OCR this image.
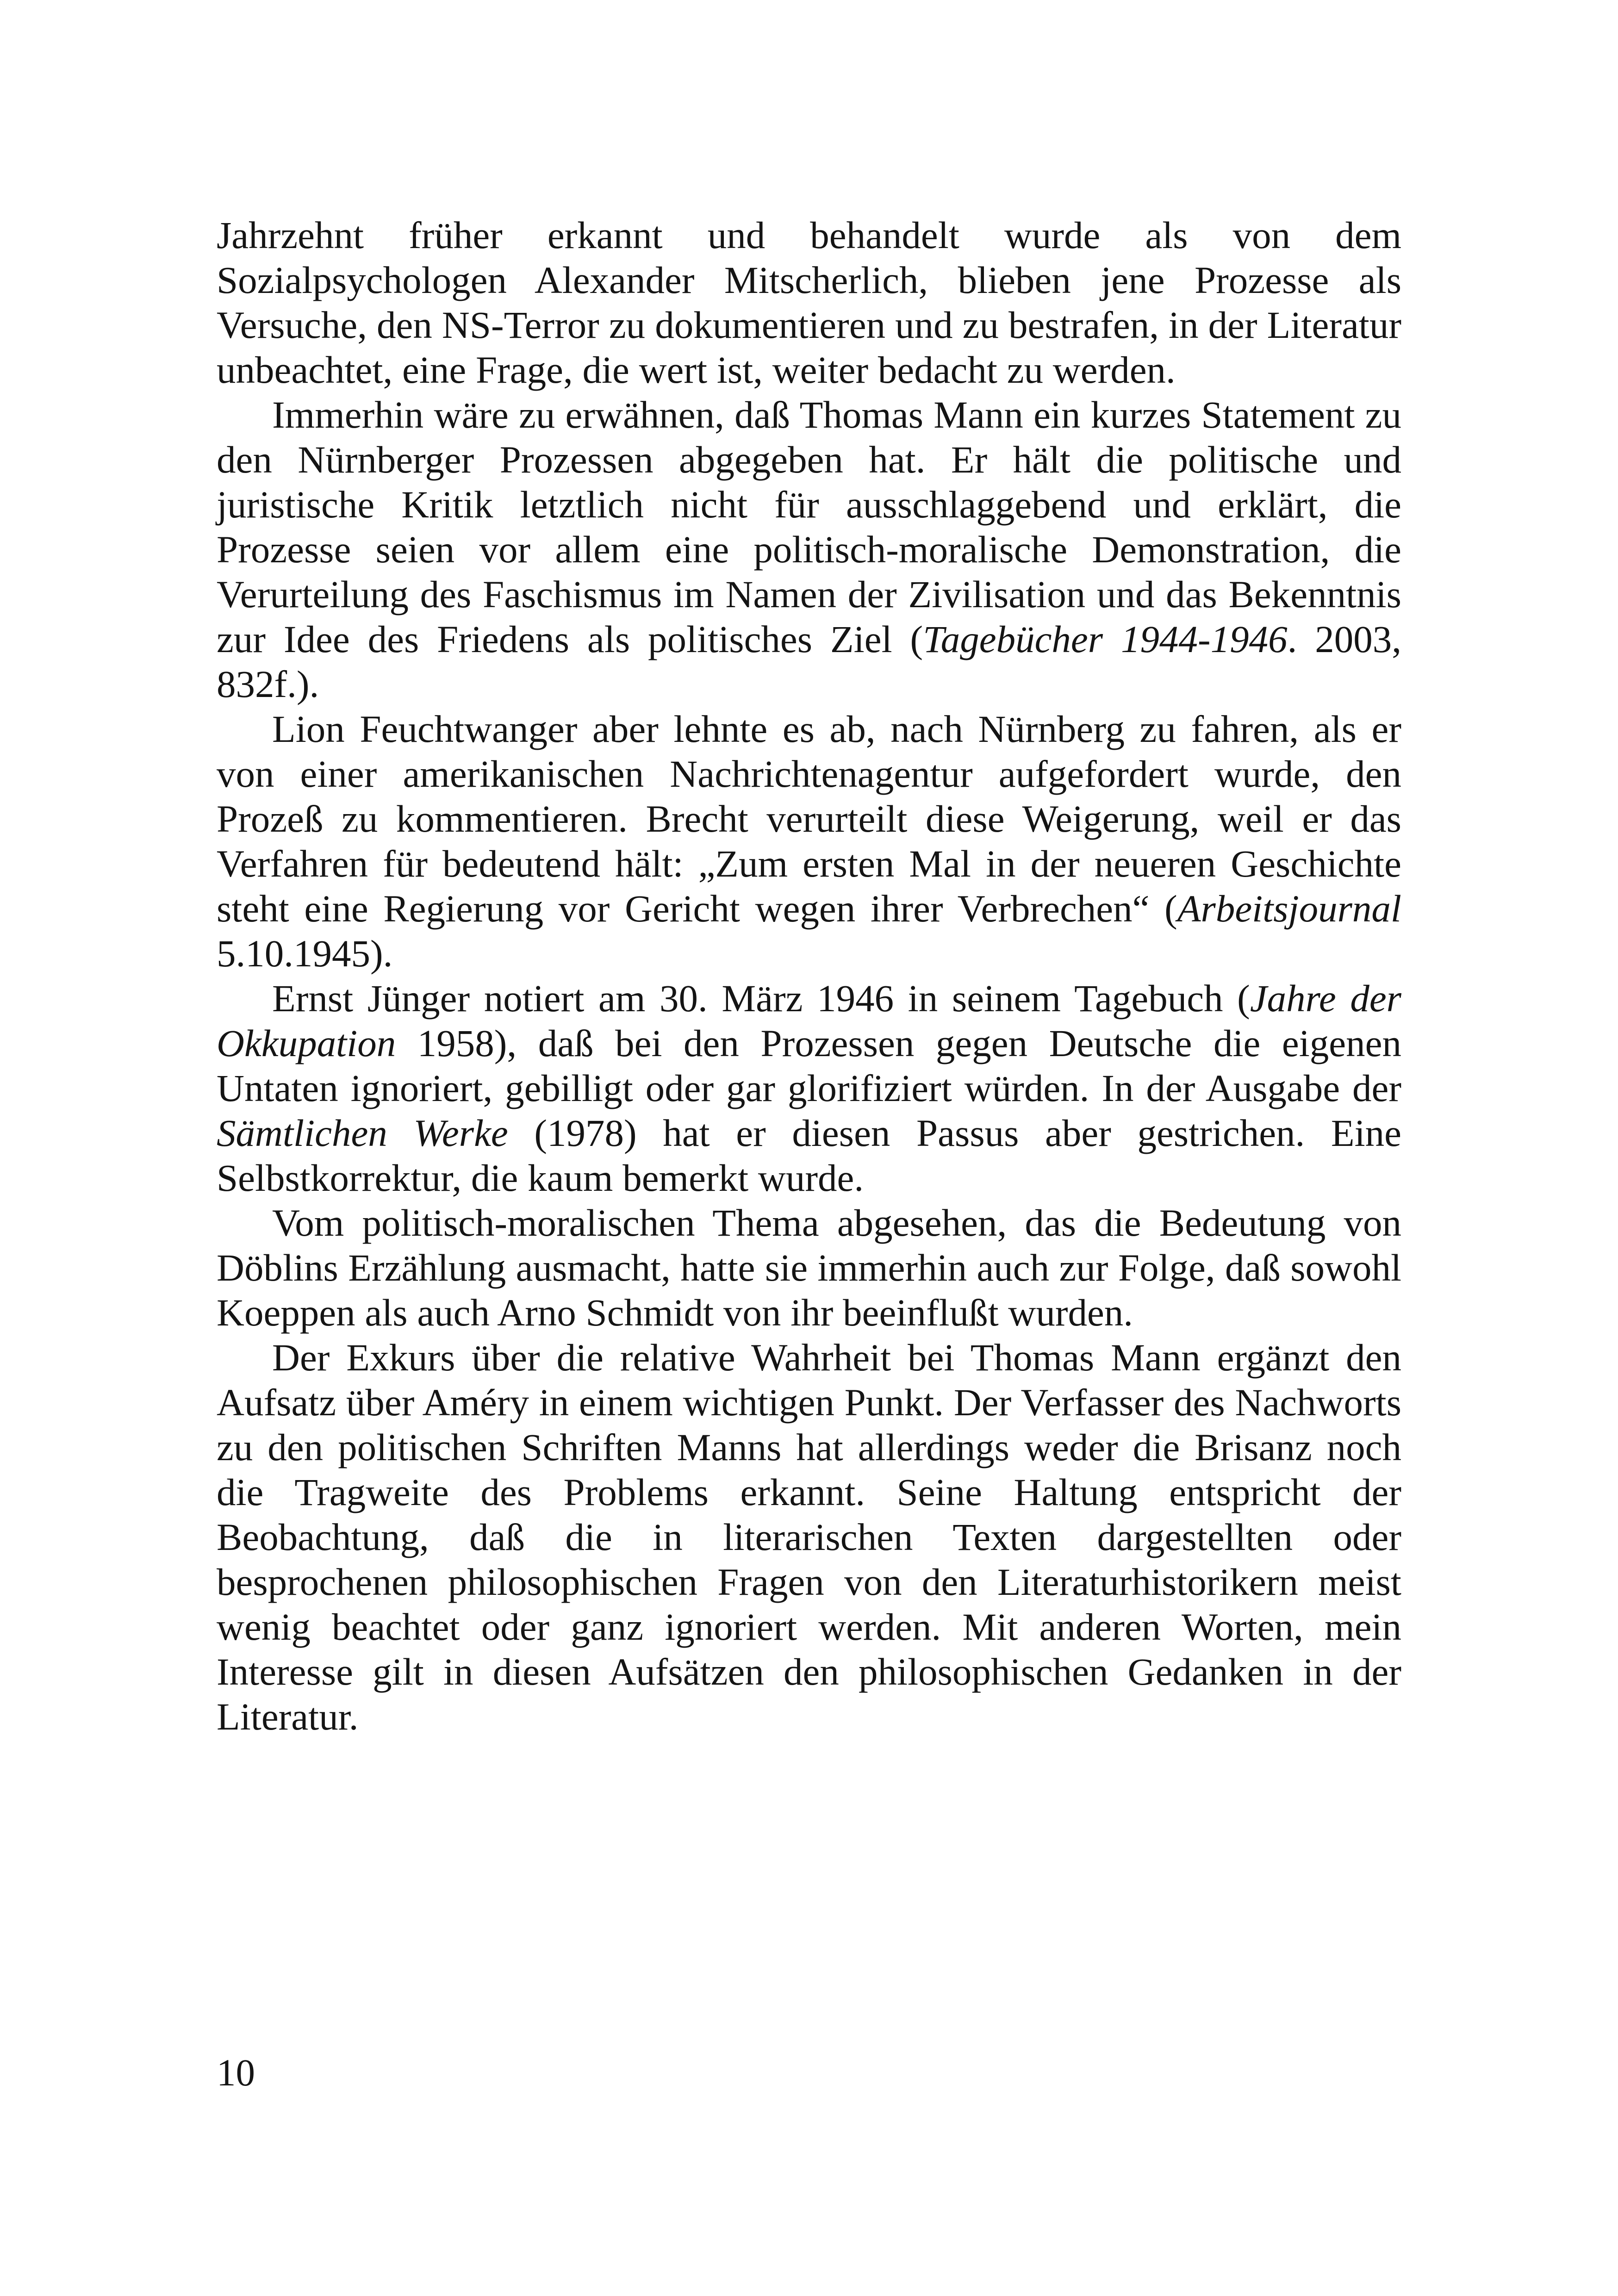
Jahrzehnt früher erkannt und behandelt wurde als von dem Sozialpsychologen Alexander Mitscherlich, blieben jene Prozesse als Versuche, den NS-Terror zu dokumentieren und zu bestrafen, in der Literatur unbeachtet, eine Frage, die wert ist, weiter bedacht zu werden.

Immerhin wäre zu erwähnen, daß Thomas Mann ein kurzes Statement zu den Nürnberger Prozessen abgegeben hat. Er hält die politische und juristische Kritik letztlich nicht für ausschlaggebend und erklärt, die Prozesse seien vor allem eine politisch-moralische Demonstration, die Verurteilung des Faschismus im Namen der Zivilisation und das Bekenntnis zur Idee des Friedens als politisches Ziel (Tagebücher 1944-1946. 2003, 832f.).

Lion Feuchtwanger aber lehnte es ab, nach Nürnberg zu fahren, als er von einer amerikanischen Nachrichtenagentur aufgefordert wurde, den Prozeß zu kommentieren. Brecht verurteilt diese Weigerung, weil er das Verfahren für bedeutend hält: „Zum ersten Mal in der neueren Geschichte steht eine Regierung vor Gericht wegen ihrer Verbrechen“ (Arbeitsjournal 5.10.1945).

Ernst Jünger notiert am 30. März 1946 in seinem Tagebuch (Jahre der Okkupation 1958), daß bei den Prozessen gegen Deutsche die eigenen Untaten ignoriert, gebilligt oder gar glorifiziert würden. In der Ausgabe der Sämtlichen Werke (1978) hat er diesen Passus aber gestrichen. Eine Selbstkorrektur, die kaum bemerkt wurde.

Vom politisch-moralischen Thema abgesehen, das die Bedeutung von Döblins Erzählung ausmacht, hatte sie immerhin auch zur Folge, daß sowohl Koeppen als auch Arno Schmidt von ihr beeinflußt wurden.

Der Exkurs über die relative Wahrheit bei Thomas Mann ergänzt den Aufsatz über Améry in einem wichtigen Punkt. Der Verfasser des Nachworts zu den politischen Schriften Manns hat allerdings weder die Brisanz noch die Tragweite des Problems erkannt. Seine Haltung entspricht der Beobachtung, daß die in literarischen Texten dargestellten oder besprochenen philosophischen Fragen von den Literaturhistorikern meist wenig beachtet oder ganz ignoriert werden. Mit anderen Worten, mein Interesse gilt in diesen Aufsätzen den philosophischen Gedanken in der Literatur.

10
